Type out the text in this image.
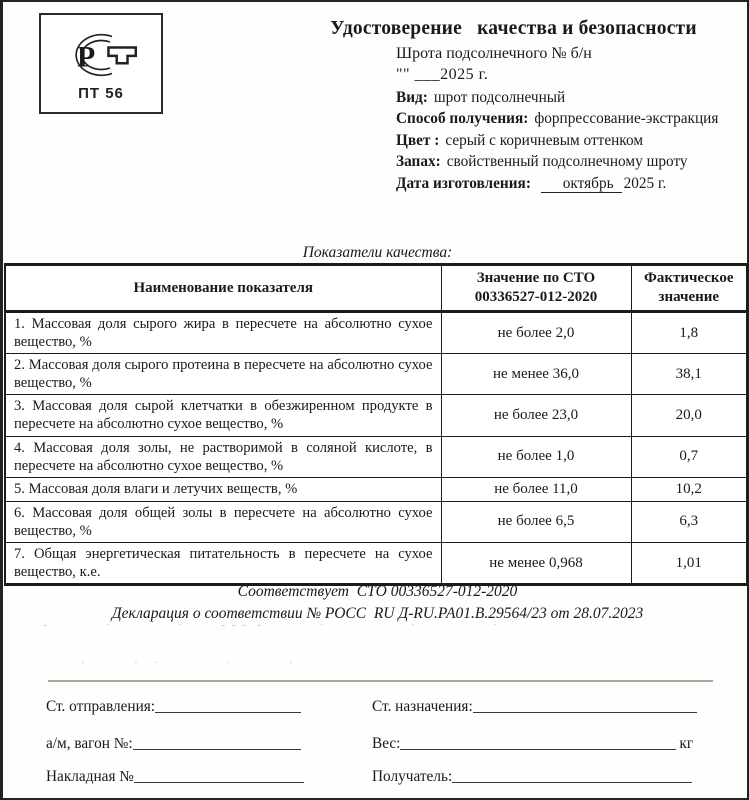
Р
ПТ 56
Удостоверение   качества и безопасности
Шрота подсолнечного № б/н
"" ___2025 г.
Вид: шрот подсолнечный
Способ получения: форпрессование-экстракция
Цвет : серый с коричневым оттенком
Запах: свойственный подсолнечному шроту
Дата изготовления: октябрь 2025 г.
Показатели качества:
Наименование показателя	Значение по СТО 00336527-012-2020	Фактическое значение
1. Массовая доля сырого жира в пересчете на абсолютно сухое вещество, %	не более 2,0	1,8
2. Массовая доля сырого протеина в пересчете на абсолютно сухое вещество, %	не менее 36,0	38,1
3. Массовая доля сырой клетчатки в обезжиренном продукте в пересчете на абсолютно сухое вещество, %	не более 23,0	20,0
4. Массовая доля золы, не растворимой в соляной кислоте, в пересчете на абсолютно сухое вещество, %	не более 1,0	0,7
5. Массовая доля влаги и летучих веществ, %	не более 11,0	10,2
6. Массовая доля общей золы в пересчете на абсолютно сухое вещество, %	не более 6,5	6,3
7. Общая энергетическая питательность в пересчете на сухое вещество, к.е.	не менее 0,968	1,01
Соответствует  СТО 00336527-012-2020
Декларация о соответствии № РОСС  RU Д-RU.РА01.В.29564/23 от 28.07.2023
-            ·              ·        - - -  -            ·                  ·                ·
·          ·   ·              ·            ·
Ст. отправления:	Ст. назначения:
а/м, вагон №:	Вес:	кг
Накладная №	Получатель:
